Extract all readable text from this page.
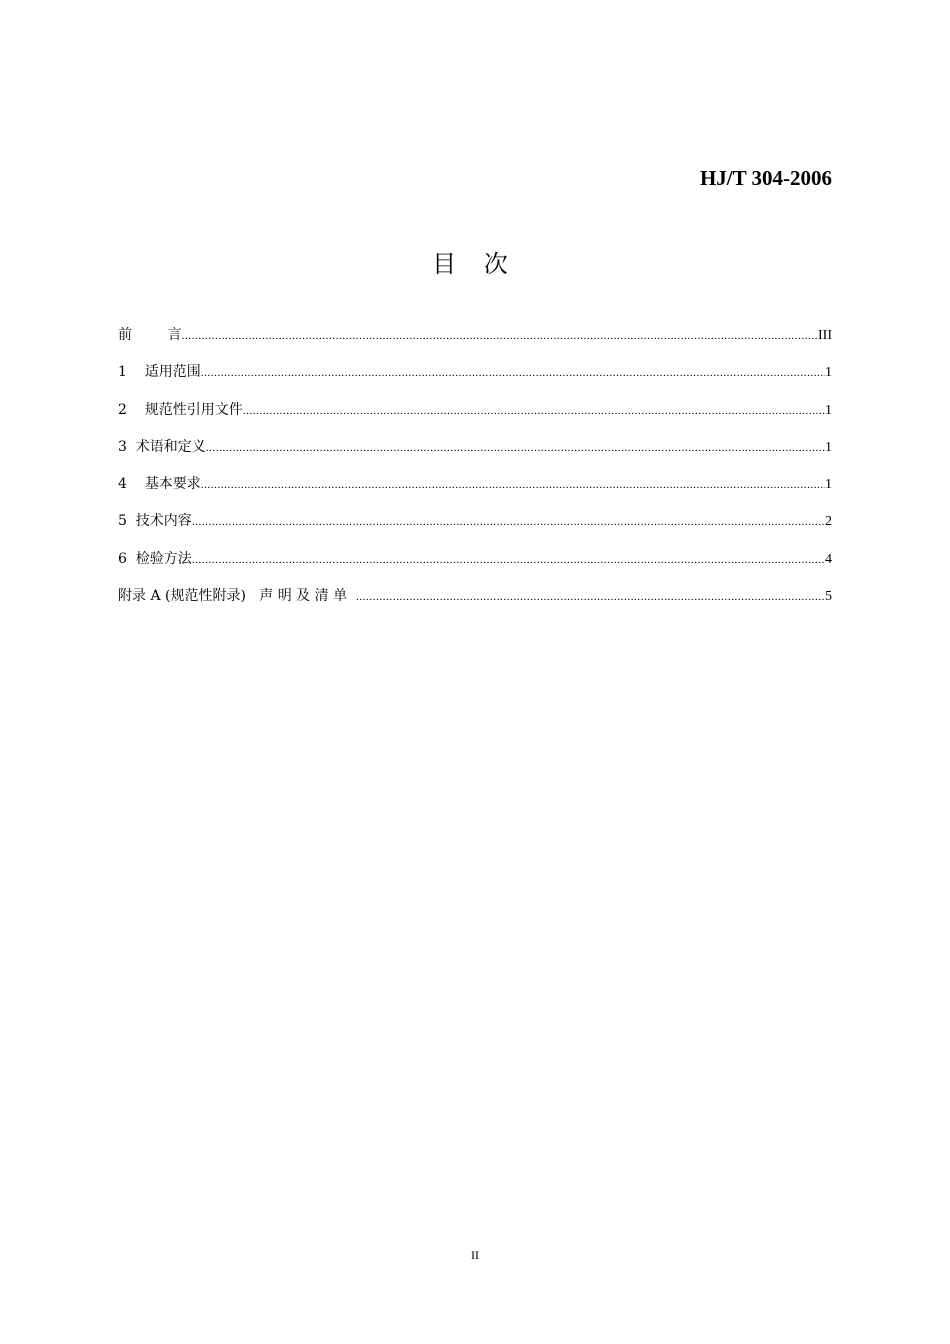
HJ/T 304-2006
目 次
前        言 .....	III
1    适用范围 .....	1
2    规范性引用文件 .....	1
3  术语和定义 .....	1
4    基本要求 .....	1
5  技术内容 .....	2
6  检验方法 .....	4
附录 A (规范性附录)   声 明 及 清 单 .....	5
II
